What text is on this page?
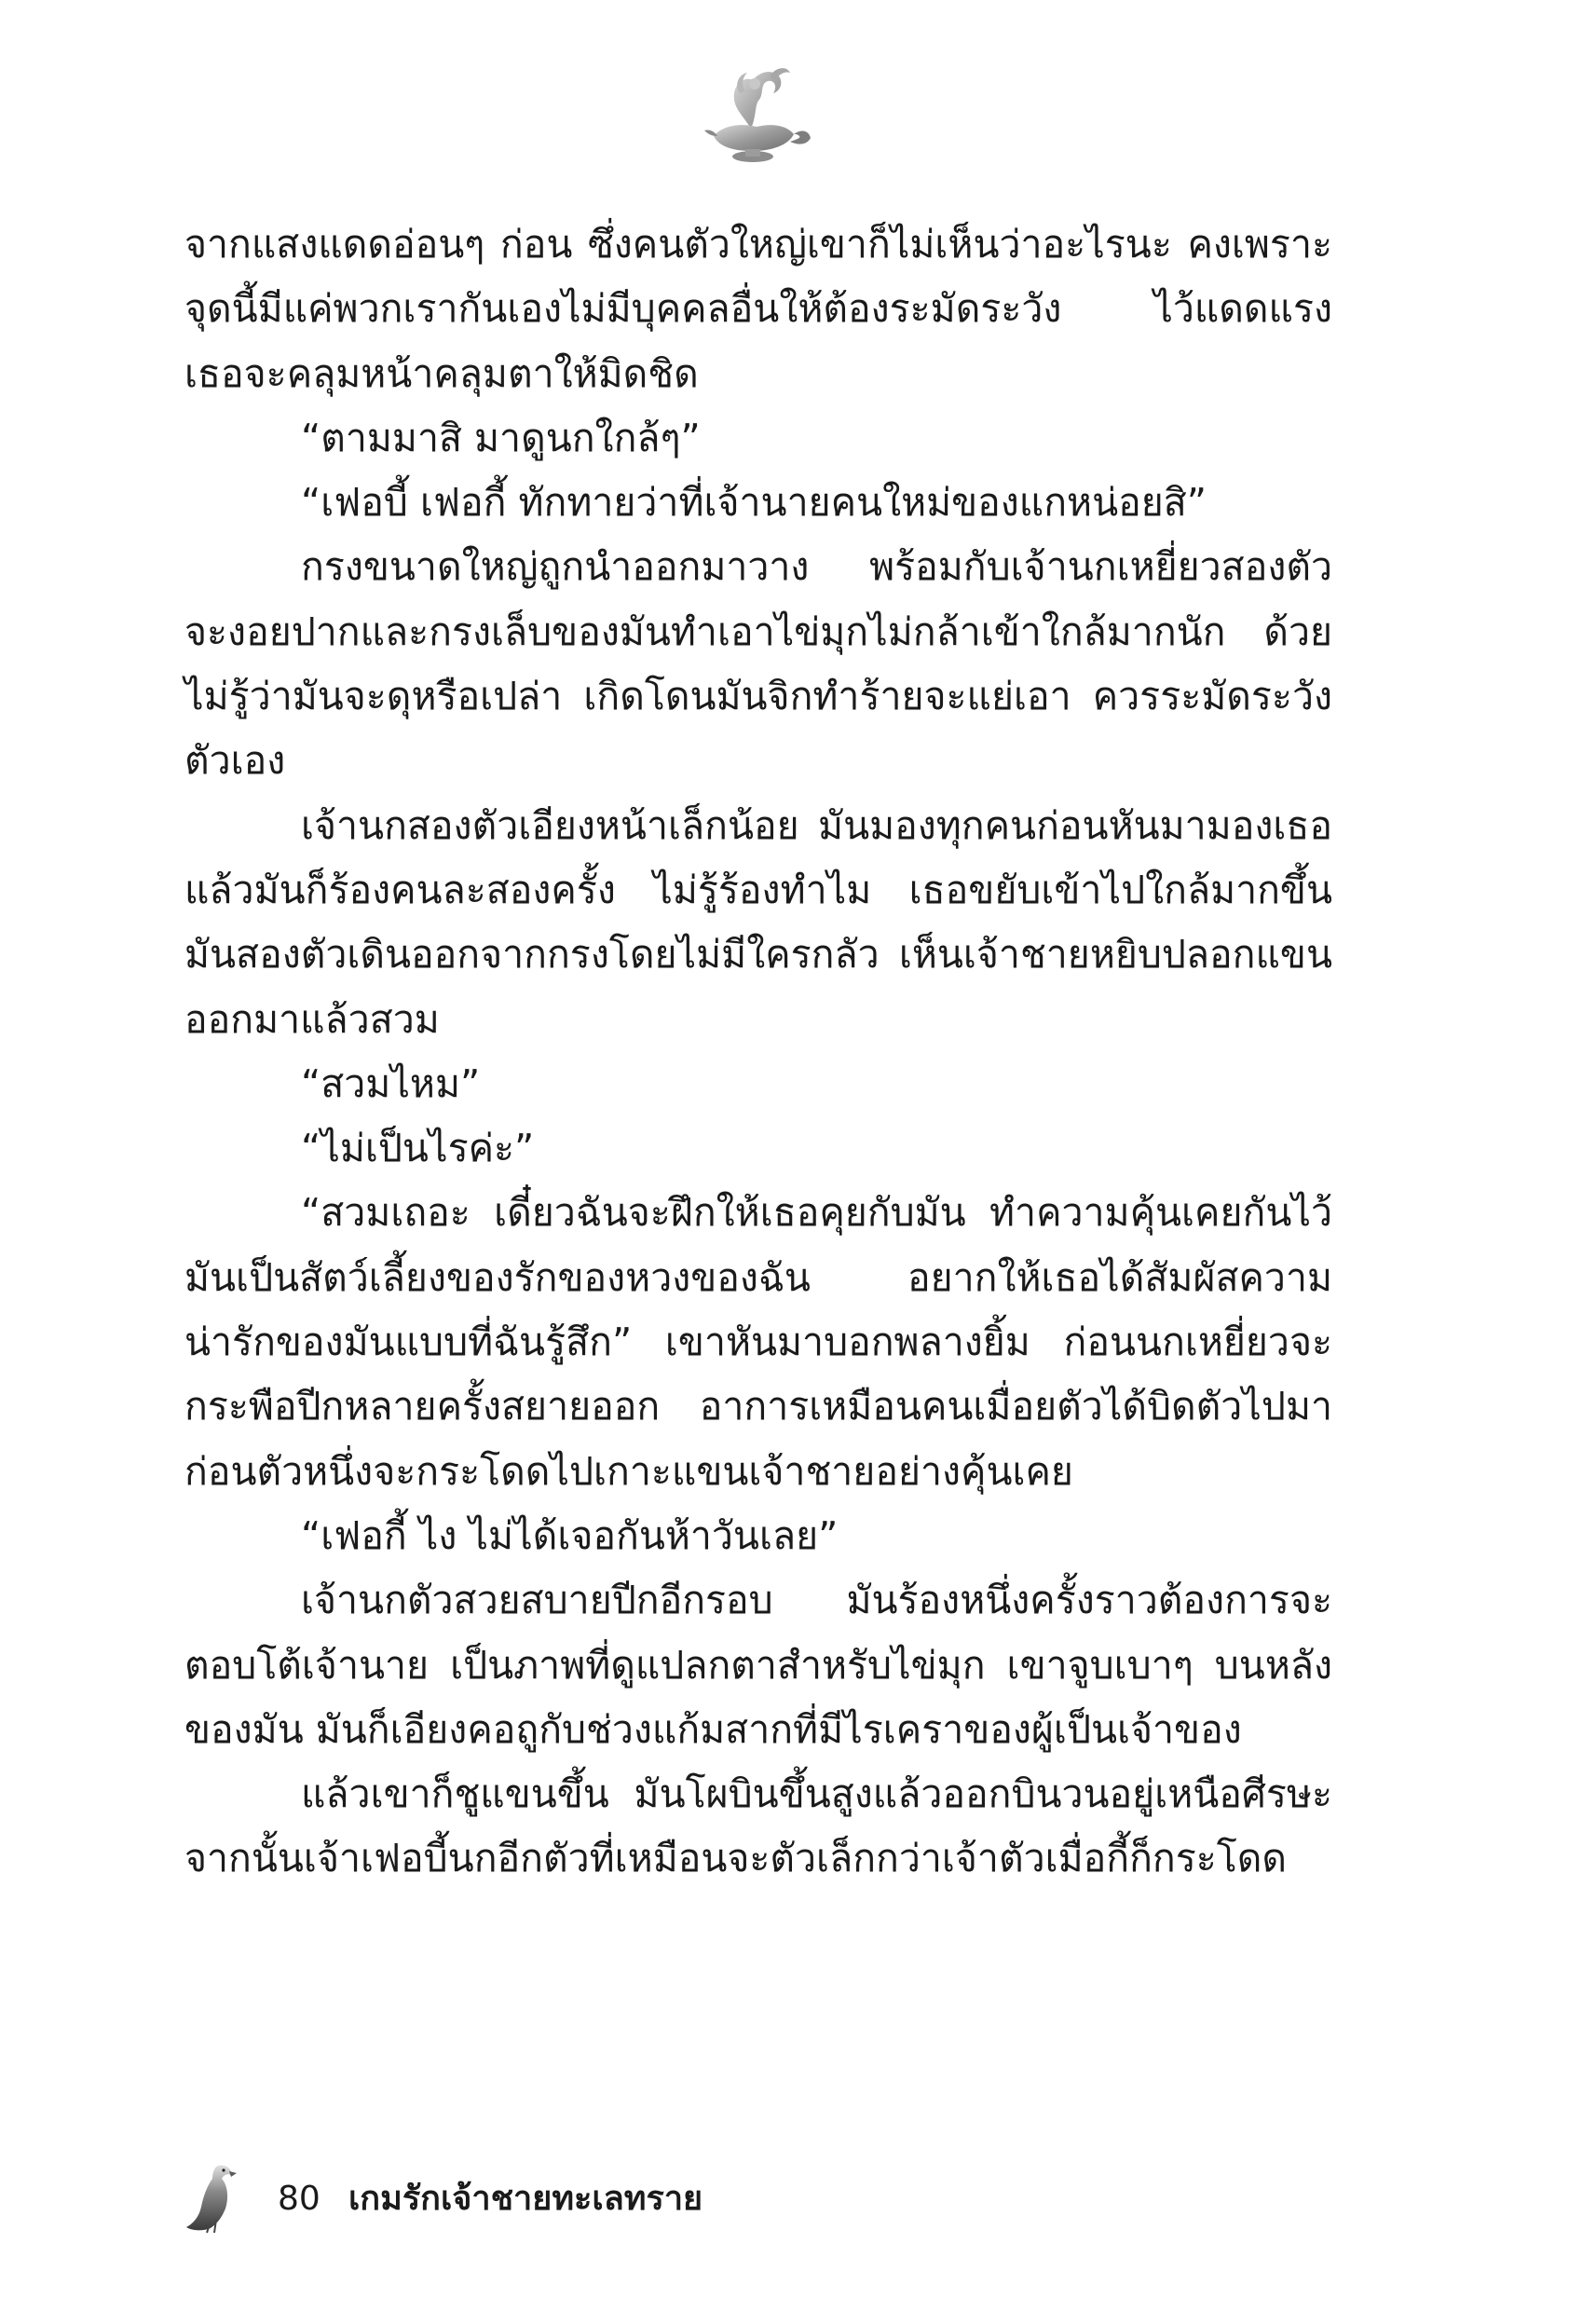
จากแสงแดดอ่อนๆ ก่อน ซึ่งคนตัวใหญ่เขาก็ไม่เห็นว่าอะไรนะ คงเพราะ
จุดนี้มีแค่พวกเรากันเองไม่มีบุคคลอื่นให้ต้องระมัดระวัง ไว้แดดแรง
เธอจะคลุมหน้าคลุมตาให้มิดชิด
“ตามมาสิ มาดูนกใกล้ๆ”
“เฟอบี้ เฟอกี้ ทักทายว่าที่เจ้านายคนใหม่ของแกหน่อยสิ”
กรงขนาดใหญ่ถูกนำออกมาวาง พร้อมกับเจ้านกเหยี่ยวสองตัว
จะงอยปากและกรงเล็บของมันทำเอาไข่มุกไม่กล้าเข้าใกล้มากนัก ด้วย
ไม่รู้ว่ามันจะดุหรือเปล่า เกิดโดนมันจิกทำร้ายจะแย่เอา ควรระมัดระวัง
ตัวเอง
เจ้านกสองตัวเอียงหน้าเล็กน้อย มันมองทุกคนก่อนหันมามองเธอ
แล้วมันก็ร้องคนละสองครั้ง ไม่รู้ร้องทำไม เธอขยับเข้าไปใกล้มากขึ้น
มันสองตัวเดินออกจากกรงโดยไม่มีใครกลัว เห็นเจ้าชายหยิบปลอกแขน
ออกมาแล้วสวม
“สวมไหม”
“ไม่เป็นไรค่ะ”
“สวมเถอะ เดี๋ยวฉันจะฝึกให้เธอคุยกับมัน ทำความคุ้นเคยกันไว้
มันเป็นสัตว์เลี้ยงของรักของหวงของฉัน อยากให้เธอได้สัมผัสความ
น่ารักของมันแบบที่ฉันรู้สึก” เขาหันมาบอกพลางยิ้ม ก่อนนกเหยี่ยวจะ
กระพือปีกหลายครั้งสยายออก อาการเหมือนคนเมื่อยตัวได้บิดตัวไปมา
ก่อนตัวหนึ่งจะกระโดดไปเกาะแขนเจ้าชายอย่างคุ้นเคย
“เฟอกี้ ไง ไม่ได้เจอกันห้าวันเลย”
เจ้านกตัวสวยสบายปีกอีกรอบ มันร้องหนึ่งครั้งราวต้องการจะ
ตอบโต้เจ้านาย เป็นภาพที่ดูแปลกตาสำหรับไข่มุก เขาจูบเบาๆ บนหลัง
ของมัน มันก็เอียงคอถูกับช่วงแก้มสากที่มีไรเคราของผู้เป็นเจ้าของ
แล้วเขาก็ชูแขนขึ้น มันโผบินขึ้นสูงแล้วออกบินวนอยู่เหนือศีรษะ
จากนั้นเจ้าเฟอบี้นกอีกตัวที่เหมือนจะตัวเล็กกว่าเจ้าตัวเมื่อกี้ก็กระโดด
80 เกมรักเจ้าชายทะเลทราย
